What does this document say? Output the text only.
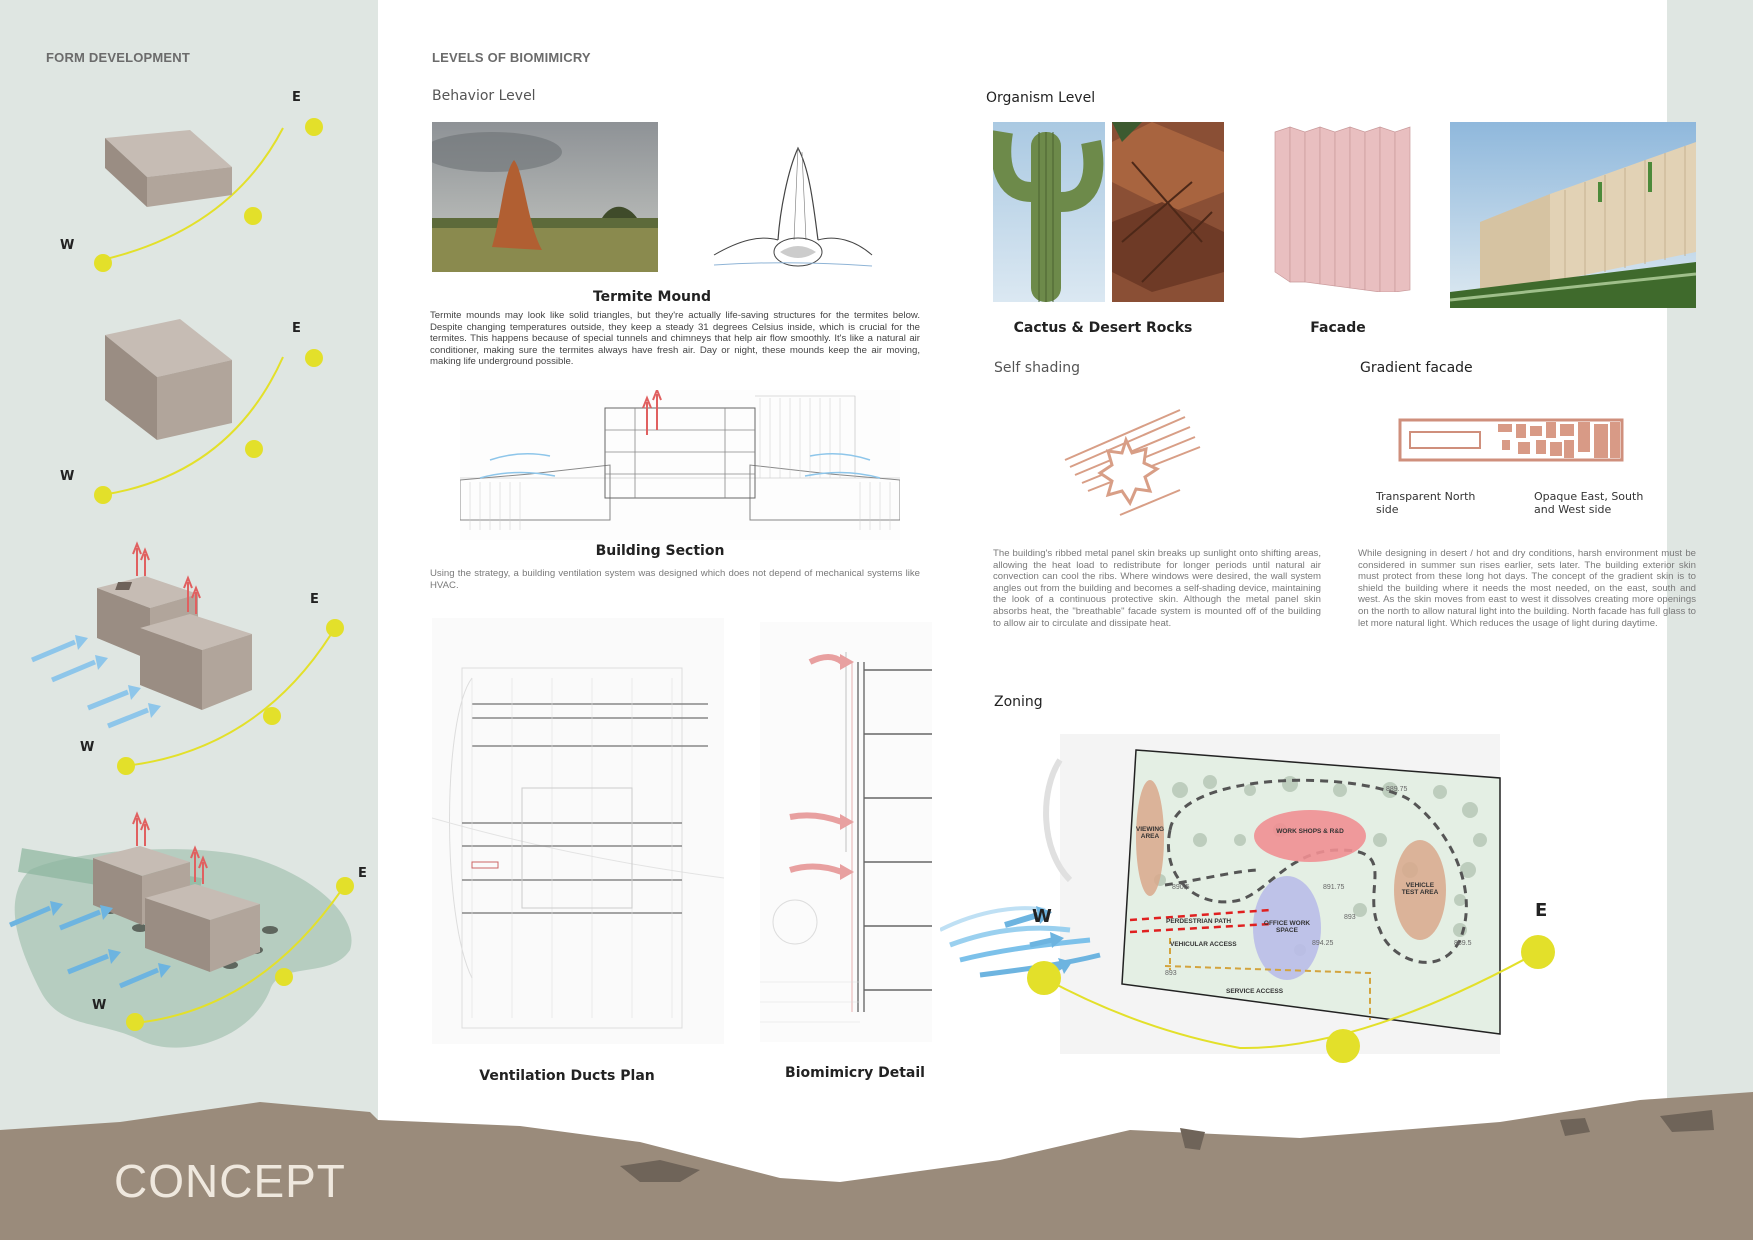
FORM DEVELOPMENT
E
W
E
W
E
W
E
W
LEVELS OF BIOMIMICRY
Behavior Level
Termite Mound
Termite mounds may look like solid triangles, but they're actually life-saving structures for the termites below. Despite changing temperatures outside, they keep a steady 31 degrees Celsius inside, which is crucial for the termites. This happens because of special tunnels and chimneys that help air flow smoothly. It's like a natural air conditioner, making sure the termites always have fresh air. Day or night, these mounds keep the air moving, making life underground possible.
Building Section
Using the strategy, a building ventilation system was designed which does not depend of mechanical systems like HVAC.
Ventilation Ducts Plan	Biomimicry Detail
Organism Level
Cactus & Desert Rocks	Facade
Self shading	Gradient facade
Transparent North side
Opaque East, South and West side
The building's ribbed metal panel skin breaks up sunlight onto shifting areas, allowing the heat load to redistribute for longer periods until natural air convection can cool the ribs. Where windows were desired, the wall system angles out from the building and becomes a self-shading device, maintaining the look of a continuous protective skin. Although the metal panel skin absorbs heat, the "breathable" facade system is mounted off of the building to allow air to circulate and dissipate heat.
While designing in desert / hot and dry conditions, harsh environment must be considered in summer sun rises earlier, sets later. The building exterior skin must protect from these long hot days. The concept of the gradient skin is to shield the building where it needs the most needed, on the east, south and west. As the skin moves from east to west it dissolves creating more openings on the north to allow natural light into the building. North facade has full glass to let more natural light. Which reduces the usage of light during daytime.
Zoning
W	E
VIEWING AREA
WORK SHOPS & R&D
VEHICLE TEST AREA
OFFICE WORK SPACE
PERDESTRIAN PATH
VEHICULAR ACCESS
SERVICE ACCESS
889.75
890.5	891.75
893
894.25	889.5
893
CONCEPT
